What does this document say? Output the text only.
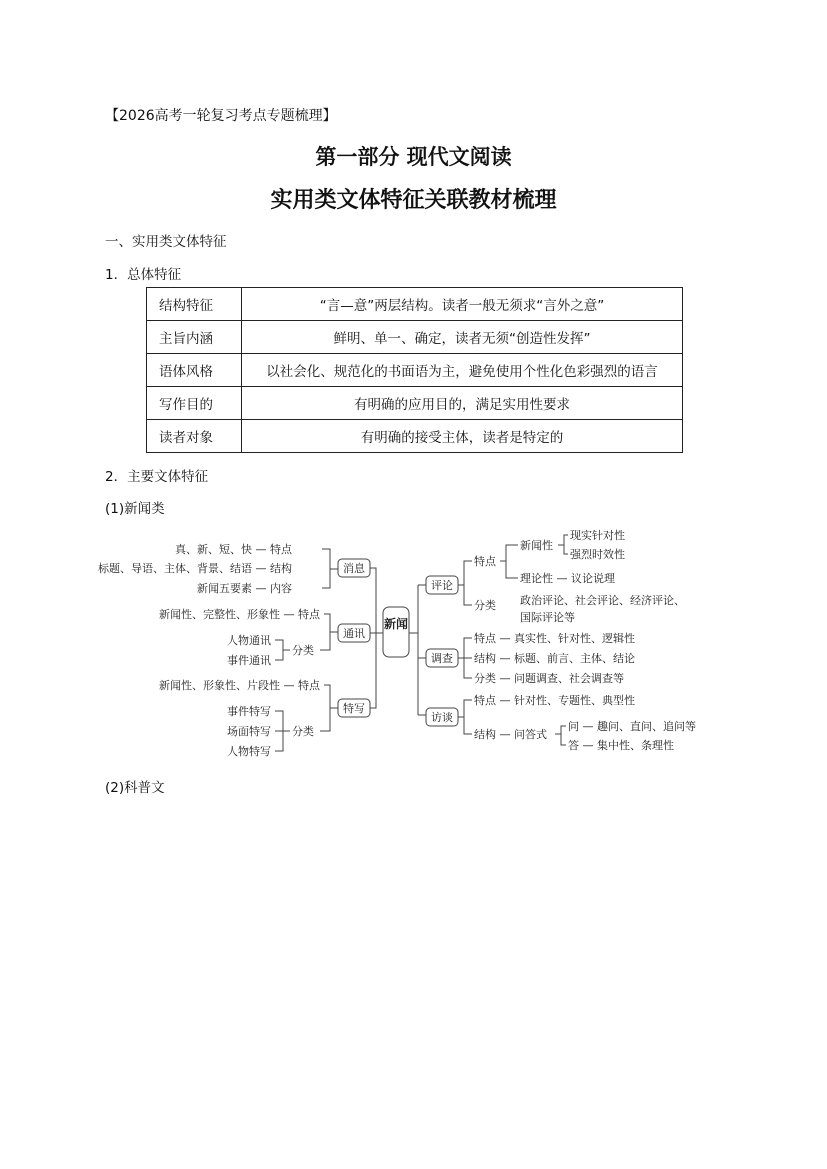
【2026高考一轮复习考点专题梳理】
第一部分 现代文阅读
实用类文体特征关联教材梳理
一、实用类文体特征
1．总体特征
结构特征	“言—意”两层结构。读者一般无须求“言外之意”
主旨内涵	鲜明、单一、确定，读者无须“创造性发挥”
语体风格	以社会化、规范化的书面语为主，避免使用个性化色彩强烈的语言
写作目的	有明确的应用目的，满足实用性要求
读者对象	有明确的接受主体，读者是特定的
2．主要文体特征
(1)新闻类
真、新、短、快 — 特点
标题、导语、主体、背景、结语 — 结构
新闻五要素 — 内容
消息
新闻性、完整性、形象性 — 特点
人物通讯
事件通讯
分类
通讯
新闻性、形象性、片段性 — 特点
事件特写
场面特写
人物特写
分类
特写
新闻
评论
特点
新闻性
现实针对性
强烈时效性
理论性 — 议论说理
分类 政治评论、社会评论、经济评论、
国际评论等
调查
特点 — 真实性、针对性、逻辑性
结构 — 标题、前言、主体、结论
分类 — 问题调查、社会调查等
访谈
特点 — 针对性、专题性、典型性
结构 — 问答式
问 — 趣问、直问、追问等
答 — 集中性、条理性
(2)科普文
